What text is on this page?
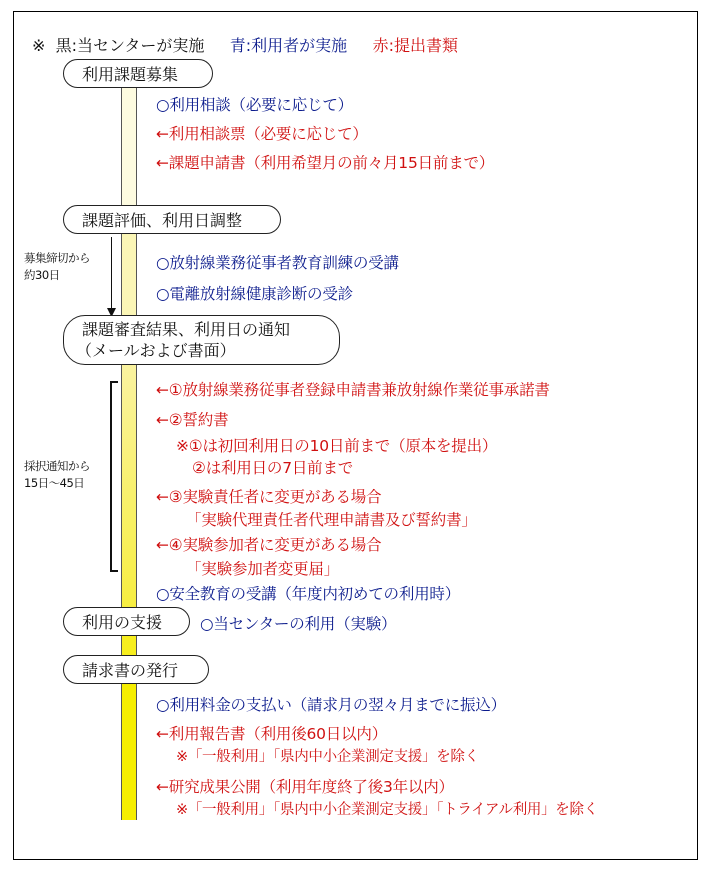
※ 黒:当センターが実施 青:利用者が実施 赤:提出書類
利用課題募集
○利用相談（必要に応じて）
←利用相談票（必要に応じて）
←課題申請書（利用希望月の前々月15日前まで）
課題評価、利用日調整
募集締切から
約30日
○放射線業務従事者教育訓練の受講
○電離放射線健康診断の受診
課題審査結果、利用日の通知
（メールおよび書面）
採択通知から
15日～45日
←①放射線業務従事者登録申請書兼放射線作業従事承諾書
←②誓約書
※①は初回利用日の10日前まで（原本を提出）
②は利用日の7日前まで
←③実験責任者に変更がある場合
「実験代理責任者代理申請書及び誓約書」
←④実験参加者に変更がある場合
「実験参加者変更届」
○安全教育の受講（年度内初めての利用時）
利用の支援 ○当センターの利用（実験）
請求書の発行
○利用料金の支払い（請求月の翌々月までに振込）
←利用報告書（利用後60日以内）
※「一般利用」「県内中小企業測定支援」を除く
←研究成果公開（利用年度終了後3年以内）
※「一般利用」「県内中小企業測定支援」「トライアル利用」を除く
